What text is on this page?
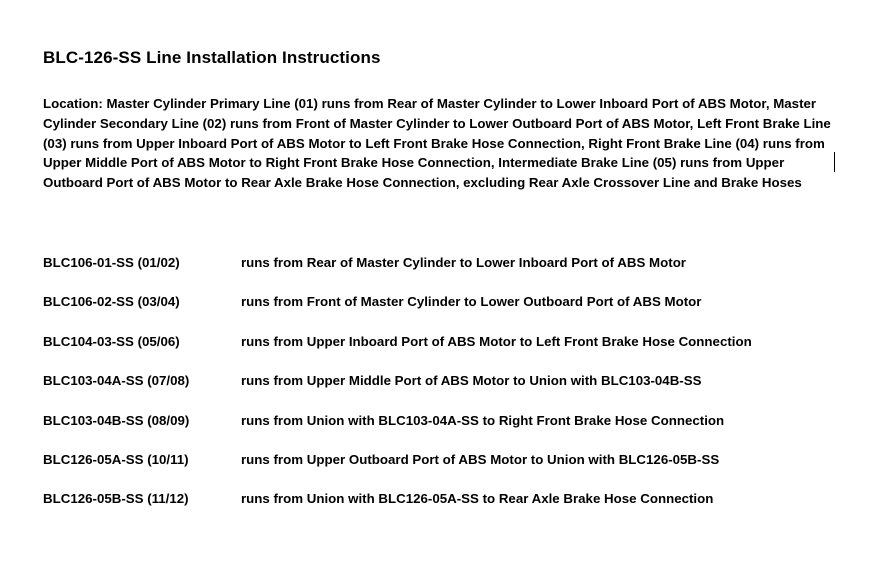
BLC-126-SS Line Installation Instructions

Location: Master Cylinder Primary Line (01) runs from Rear of Master Cylinder to Lower Inboard Port of ABS Motor, Master Cylinder Secondary Line (02) runs from Front of Master Cylinder to Lower Outboard Port of ABS Motor, Left Front Brake Line (03) runs from Upper Inboard Port of ABS Motor to Left Front Brake Hose Connection, Right Front Brake Line (04) runs from Upper Middle Port of ABS Motor to Right Front Brake Hose Connection, Intermediate Brake Line (05) runs from Upper Outboard Port of ABS Motor to Rear Axle Brake Hose Connection, excluding Rear Axle Crossover Line and Brake Hoses

BLC106-01-SS (01/02)	runs from Rear of Master Cylinder to Lower Inboard Port of ABS Motor
BLC106-02-SS (03/04)	runs from Front of Master Cylinder to Lower Outboard Port of ABS Motor
BLC104-03-SS (05/06)	runs from Upper Inboard Port of ABS Motor to Left Front Brake Hose Connection
BLC103-04A-SS (07/08)	runs from Upper Middle Port of ABS Motor to Union with BLC103-04B-SS
BLC103-04B-SS (08/09)	runs from Union with BLC103-04A-SS to Right Front Brake Hose Connection
BLC126-05A-SS (10/11)	runs from Upper Outboard Port of ABS Motor to Union with BLC126-05B-SS
BLC126-05B-SS (11/12)	runs from Union with BLC126-05A-SS to Rear Axle Brake Hose Connection
